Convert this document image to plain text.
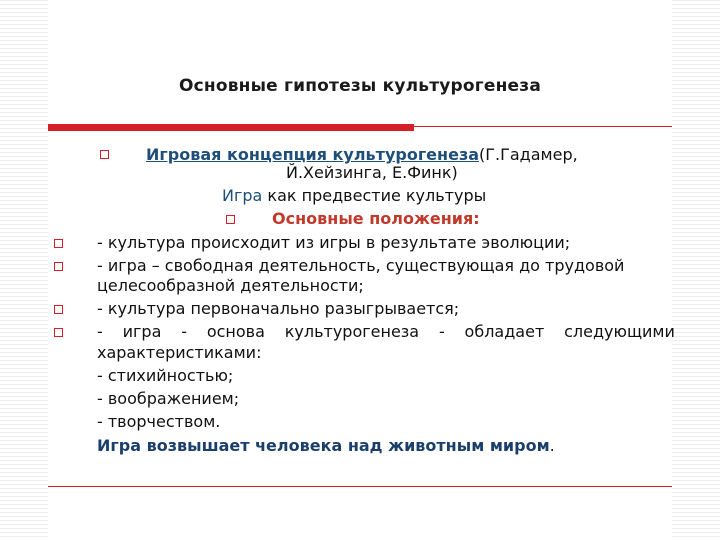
Основные гипотезы культурогенеза
Игровая концепция культурогенеза(Г.Гадамер,
Й.Хейзинга, Е.Финк)
Игра как предвестие культуры
Основные положения:
- культура происходит из игры в результате эволюции;
- игра – свободная деятельность, существующая до трудовой
целесообразной деятельности;
- культура первоначально разыгрывается;
- игра - основа культурогенеза - обладает следующими
характеристиками:
- стихийностью;
- воображением;
- творчеством.
Игра возвышает человека над животным миром.
